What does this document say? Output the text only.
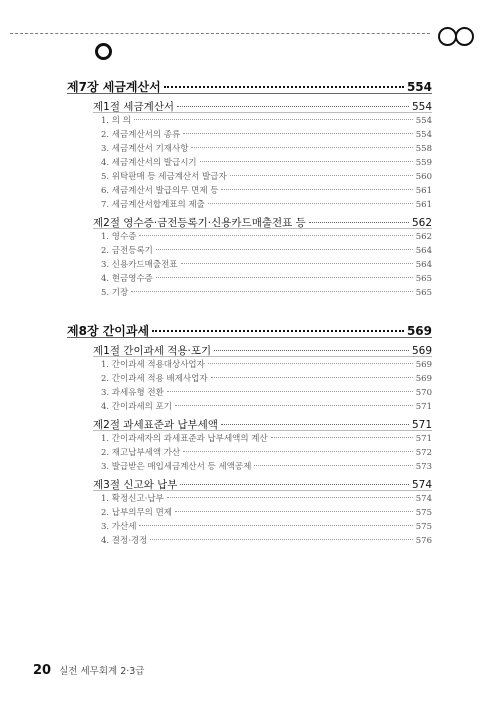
제7장 세금계산서	554
제1절 세금계산서	554
1. 의 의	554
2. 세금계산서의 종류	554
3. 세금계산서 기재사항	558
4. 세금계산서의 발급시기	559
5. 위탁판매 등 세금계산서 발급자	560
6. 세금계산서 발급의무 면제 등	561
7. 세금계산서합계표의 제출	561
제2절 영수증·금전등록기·신용카드매출전표 등	562
1. 영수증	562
2. 금전등록기	564
3. 신용카드매출전표	564
4. 현금영수증	565
5. 기장	565
제8장 간이과세	569
제1절 간이과세 적용·포기	569
1. 간이과세 적용대상사업자	569
2. 간이과세 적용 배제사업자	569
3. 과세유형 전환	570
4. 간이과세의 포기	571
제2절 과세표준과 납부세액	571
1. 간이과세자의 과세표준과 납부세액의 계산	571
2. 재고납부세액 가산	572
3. 발급받은 매입세금계산서 등 세액공제	573
제3절 신고와 납부	574
1. 확정신고·납부	574
2. 납부의무의 면제	575
3. 가산세	575
4. 결정·경정	576
20 실전 세무회계 2·3급
